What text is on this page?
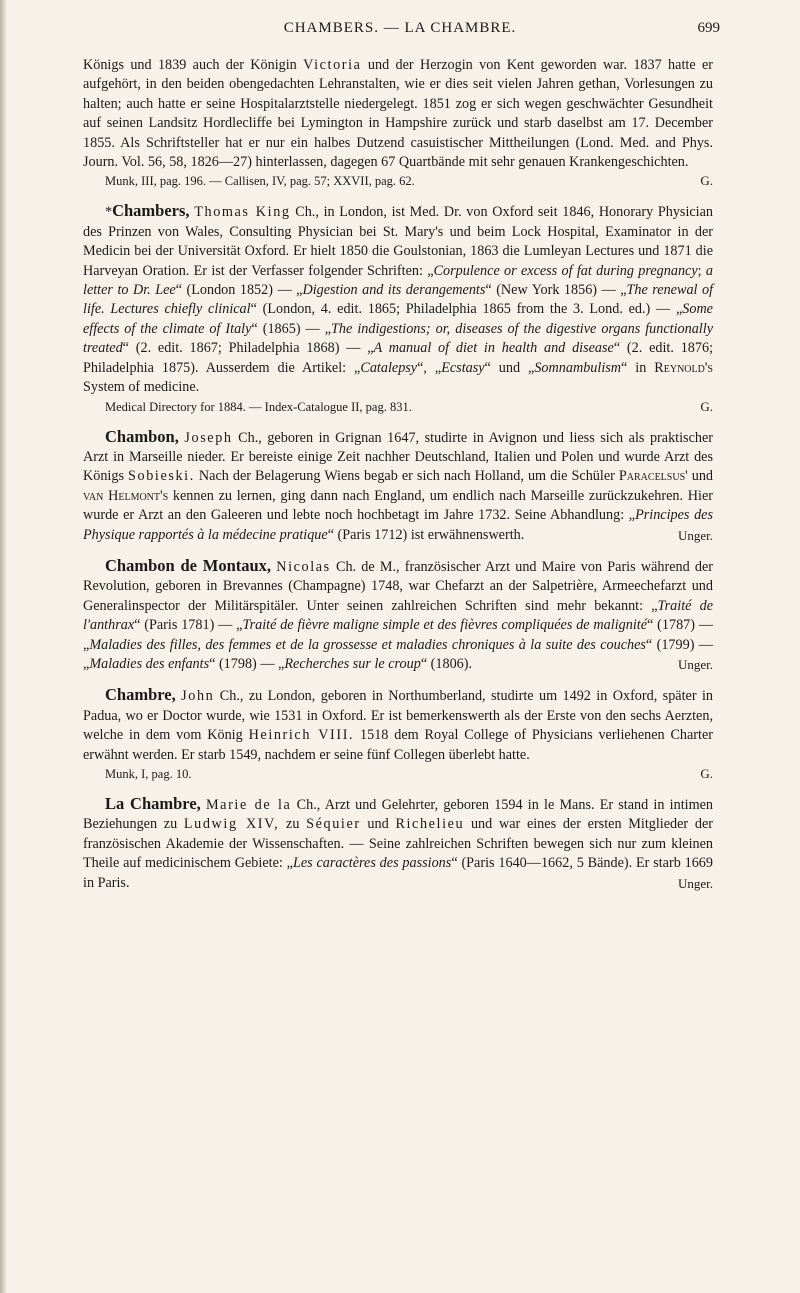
CHAMBERS. — LA CHAMBRE.	699

Königs und 1839 auch der Königin Victoria und der Herzogin von Kent geworden war. 1837 hatte er aufgehört, in den beiden obengedachten Lehranstalten, wie er dies seit vielen Jahren gethan, Vorlesungen zu halten; auch hatte er seine Hospitalarztstelle niedergelegt. 1851 zog er sich wegen geschwächter Gesundheit auf seinen Landsitz Hordlecliffe bei Lymington in Hampshire zurück und starb daselbst am 17. December 1855. Als Schriftsteller hat er nur ein halbes Dutzend casuistischer Mittheilungen (Lond. Med. and Phys. Journ. Vol. 56, 58, 1826—27) hinterlassen, dagegen 67 Quartbände mit sehr genauen Krankengeschichten.

Munk, III, pag. 196. — Callisen, IV, pag. 57; XXVII, pag. 62.	G.

*Chambers, Thomas King Ch., in London, ist Med. Dr. von Oxford seit 1846, Honorary Physician des Prinzen von Wales, Consulting Physician bei St. Mary's und beim Lock Hospital, Examinator in der Medicin bei der Universität Oxford. Er hielt 1850 die Goulstonian, 1863 die Lumleyan Lectures und 1871 die Harveyan Oration. Er ist der Verfasser folgender Schriften: „Corpulence or excess of fat during pregnancy; a letter to Dr. Lee“ (London 1852) — „Digestion and its derangements“ (New York 1856) — „The renewal of life. Lectures chiefly clinical“ (London, 4. edit. 1865; Philadelphia 1865 from the 3. Lond. ed.) — „Some effects of the climate of Italy“ (1865) — „The indigestions; or, diseases of the digestive organs functionally treated“ (2. edit. 1867; Philadelphia 1868) — „A manual of diet in health and disease“ (2. edit. 1876; Philadelphia 1875). Ausserdem die Artikel: „Catalepsy“, „Ecstasy“ und „Somnambulism“ in Reynold's System of medicine.

Medical Directory for 1884. — Index-Catalogue II, pag. 831.	G.

Chambon, Joseph Ch., geboren in Grignan 1647, studirte in Avignon und liess sich als praktischer Arzt in Marseille nieder. Er bereiste einige Zeit nachher Deutschland, Italien und Polen und wurde Arzt des Königs Sobieski. Nach der Belagerung Wiens begab er sich nach Holland, um die Schüler Paracelsus' und van Helmont's kennen zu lernen, ging dann nach England, um endlich nach Marseille zurückzukehren. Hier wurde er Arzt an den Galeeren und lebte noch hochbetagt im Jahre 1732. Seine Abhandlung: „Principes des Physique rapportés à la médecine pratique“ (Paris 1712) ist erwähnenswerth.	Unger.

Chambon de Montaux, Nicolas Ch. de M., französischer Arzt und Maire von Paris während der Revolution, geboren in Brevannes (Champagne) 1748, war Chefarzt an der Salpetrière, Armeechefarzt und Generalinspector der Militärspitäler. Unter seinen zahlreichen Schriften sind mehr bekannt: „Traité de l'anthrax“ (Paris 1781) — „Traité de fièvre maligne simple et des fièvres compliquées de malignité“ (1787) — „Maladies des filles, des femmes et de la grossesse et maladies chroniques à la suite des couches“ (1799) — „Maladies des enfants“ (1798) — „Recherches sur le croup“ (1806).	Unger.

Chambre, John Ch., zu London, geboren in Northumberland, studirte um 1492 in Oxford, später in Padua, wo er Doctor wurde, wie 1531 in Oxford. Er ist bemerkenswerth als der Erste von den sechs Aerzten, welche in dem vom König Heinrich VIII. 1518 dem Royal College of Physicians verliehenen Charter erwähnt werden. Er starb 1549, nachdem er seine fünf Collegen überlebt hatte.

Munk, I, pag. 10.	G.

La Chambre, Marie de la Ch., Arzt und Gelehrter, geboren 1594 in le Mans. Er stand in intimen Beziehungen zu Ludwig XIV, zu Séquier und Richelieu und war eines der ersten Mitglieder der französischen Akademie der Wissenschaften. — Seine zahlreichen Schriften bewegen sich nur zum kleinen Theile auf medicinischem Gebiete: „Les caractères des passions“ (Paris 1640—1662, 5 Bände). Er starb 1669 in Paris.	Unger.
